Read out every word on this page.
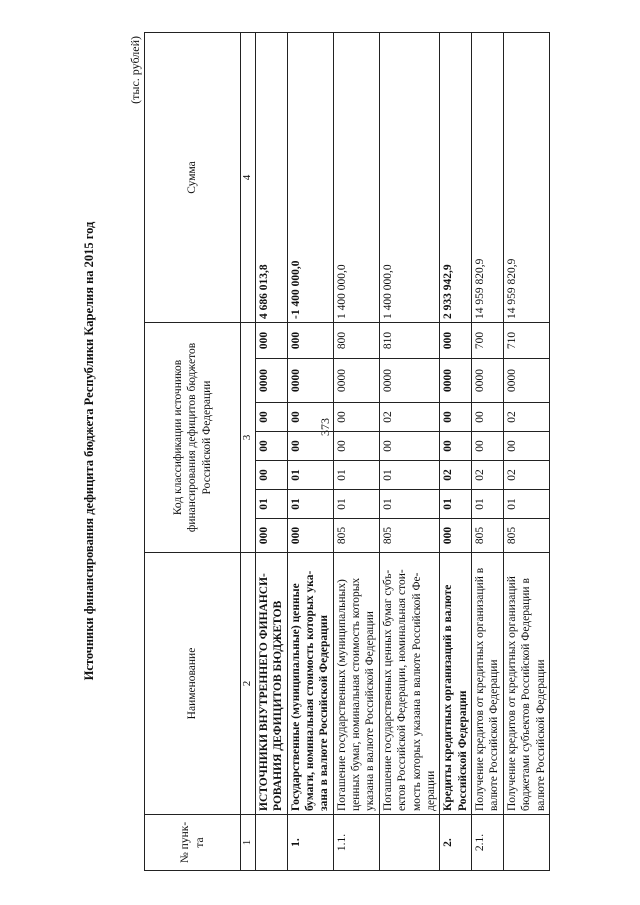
373
Источники финансирования дефицита бюджета Республики Карелия на 2015 год
(тыс. рублей)
№ пунк-та	Наименование	Код классификации источников финансирования дефицитов бюджетов Российской Федерации							Сумма
1	2	3							4
	ИСТОЧНИКИ ВНУТРЕННЕГО ФИНАНСИ-РОВАНИЯ ДЕФИЦИТОВ БЮДЖЕТОВ	000	01	00	00	00	0000	000	4 686 013,8
1.	Государственные (муниципальные) ценные бумаги, номинальная стоимость которых ука-зана в валюте Российской Федерации	000	01	01	00	00	0000	000	-1 400 000,0
1.1.	Погашение государственных (муниципальных) ценных бумаг, номинальная стоимость которых указана в валюте Российской Федерации	805	01	01	00	00	0000	800	1 400 000,0
	Погашение государственных ценных бумаг субъ-ектов Российской Федерации, номинальная стои-мость которых указана в валюте Российской Фе-дерации	805	01	01	00	02	0000	810	1 400 000,0
2.	Кредиты кредитных организаций в валюте Российской Федерации	000	01	02	00	00	0000	000	2 933 942,9
2.1.	Получение кредитов от кредитных организаций в валюте Российской Федерации	805	01	02	00	00	0000	700	14 959 820,9
	Получение кредитов от кредитных организаций бюджетами субъектов Российской Федерации в валюте Российской Федерации	805	01	02	00	02	0000	710	14 959 820,9
